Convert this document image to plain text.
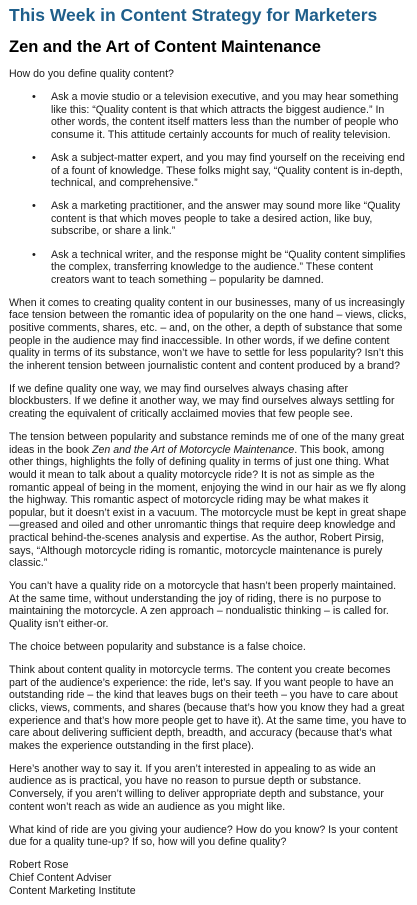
This Week in Content Strategy for Marketers
Zen and the Art of Content Maintenance

How do you define quality content?

• Ask a movie studio or a television executive, and you may hear something like this: “Quality content is that which attracts the biggest audience.” In other words, the content itself matters less than the number of people who consume it. This attitude certainly accounts for much of reality television.
• Ask a subject-matter expert, and you may find yourself on the receiving end of a fount of knowledge. These folks might say, “Quality content is in-depth, technical, and comprehensive.”
• Ask a marketing practitioner, and the answer may sound more like “Quality content is that which moves people to take a desired action, like buy, subscribe, or share a link.”
• Ask a technical writer, and the response might be “Quality content simplifies the complex, transferring knowledge to the audience.” These content creators want to teach something – popularity be damned.

When it comes to creating quality content in our businesses, many of us increasingly face tension between the romantic idea of popularity on the one hand – views, clicks, positive comments, shares, etc. – and, on the other, a depth of substance that some people in the audience may find inaccessible. In other words, if we define content quality in terms of its substance, won’t we have to settle for less popularity? Isn’t this the inherent tension between journalistic content and content produced by a brand?

If we define quality one way, we may find ourselves always chasing after blockbusters. If we define it another way, we may find ourselves always settling for creating the equivalent of critically acclaimed movies that few people see.

The tension between popularity and substance reminds me of one of the many great ideas in the book Zen and the Art of Motorcycle Maintenance. This book, among other things, highlights the folly of defining quality in terms of just one thing. What would it mean to talk about a quality motorcycle ride? It is not as simple as the romantic appeal of being in the moment, enjoying the wind in our hair as we fly along the highway. This romantic aspect of motorcycle riding may be what makes it popular, but it doesn’t exist in a vacuum. The motorcycle must be kept in great shape—greased and oiled and other unromantic things that require deep knowledge and practical behind-the-scenes analysis and expertise. As the author, Robert Pirsig, says, “Although motorcycle riding is romantic, motorcycle maintenance is purely classic.”

You can’t have a quality ride on a motorcycle that hasn’t been properly maintained. At the same time, without understanding the joy of riding, there is no purpose to maintaining the motorcycle. A zen approach – nondualistic thinking – is called for. Quality isn’t either-or.

The choice between popularity and substance is a false choice.

Think about content quality in motorcycle terms. The content you create becomes part of the audience’s experience: the ride, let’s say. If you want people to have an outstanding ride – the kind that leaves bugs on their teeth – you have to care about clicks, views, comments, and shares (because that’s how you know they had a great experience and that’s how more people get to have it). At the same time, you have to care about delivering sufficient depth, breadth, and accuracy (because that’s what makes the experience outstanding in the first place).

Here’s another way to say it. If you aren’t interested in appealing to as wide an audience as is practical, you have no reason to pursue depth or substance. Conversely, if you aren’t willing to deliver appropriate depth and substance, your content won’t reach as wide an audience as you might like.

What kind of ride are you giving your audience? How do you know? Is your content due for a quality tune-up? If so, how will you define quality?

Robert Rose

Chief Content Adviser

Content Marketing Institute
